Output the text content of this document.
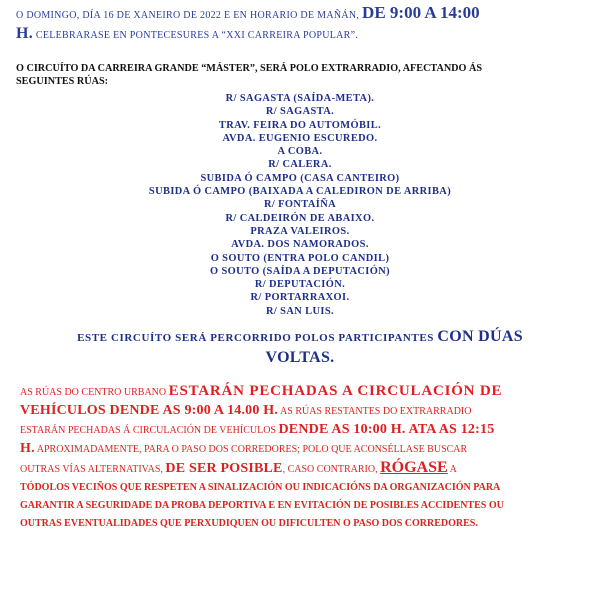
O DOMINGO, DÍA 16 DE XANEIRO DE 2022 E EN HORARIO DE MAÑÁN, DE 9:00 A 14:00
H. CELEBRARASE EN PONTECESURES A “XXI CARREIRA POPULAR”.
O CIRCUÍTO DA CARREIRA GRANDE “MÁSTER”, SERÁ POLO EXTRARRADIO, AFECTANDO ÁS
SEGUINTES RÚAS:
R/ SAGASTA (SAÍDA-META).
R/ SAGASTA.
TRAV. FEIRA DO AUTOMÓBIL.
AVDA. EUGENIO ESCUREDO.
A COBA.
R/ CALERA.
SUBIDA Ó CAMPO (CASA CANTEIRO)
SUBIDA Ó CAMPO (BAIXADA A CALEDIRON DE ARRIBA)
R/ FONTAÍÑA
R/ CALDEIRÓN DE ABAIXO.
PRAZA VALEIROS.
AVDA. DOS NAMORADOS.
O SOUTO (ENTRA POLO CANDIL)
O SOUTO (SAÍDA A DEPUTACIÓN)
R/ DEPUTACIÓN.
R/ PORTARRAXOI.
R/ SAN LUIS.
ESTE CIRCUÍTO SERÁ PERCORRIDO POLOS PARTICIPANTES CON DÚAS
VOLTAS.
AS RÚAS DO CENTRO URBANO ESTARÁN PECHADAS A CIRCULACIÓN DE
VEHÍCULOS DENDE AS 9:00 A 14.00 H. AS RÚAS RESTANTES DO EXTRARRADIO
ESTARÁN PECHADAS Á CIRCULACIÓN DE VEHÍCULOS DENDE AS 10:00 H. ATA AS 12:15
H. APROXIMADAMENTE, PARA O PASO DOS CORREDORES; POLO QUE ACONSÉLLASE BUSCAR
OUTRAS VÍAS ALTERNATIVAS, DE SER POSIBLE, CASO CONTRARIO, RÓGASE A
TÓDOLOS VECIÑOS QUE RESPETEN A SINALIZACIÓN OU INDICACIÓNS DA ORGANIZACIÓN PARA
GARANTIR A SEGURIDADE DA PROBA DEPORTIVA E EN EVITACIÓN DE POSIBLES ACCIDENTES OU
OUTRAS EVENTUALIDADES QUE PERXUDIQUEN OU DIFICULTEN O PASO DOS CORREDORES.
